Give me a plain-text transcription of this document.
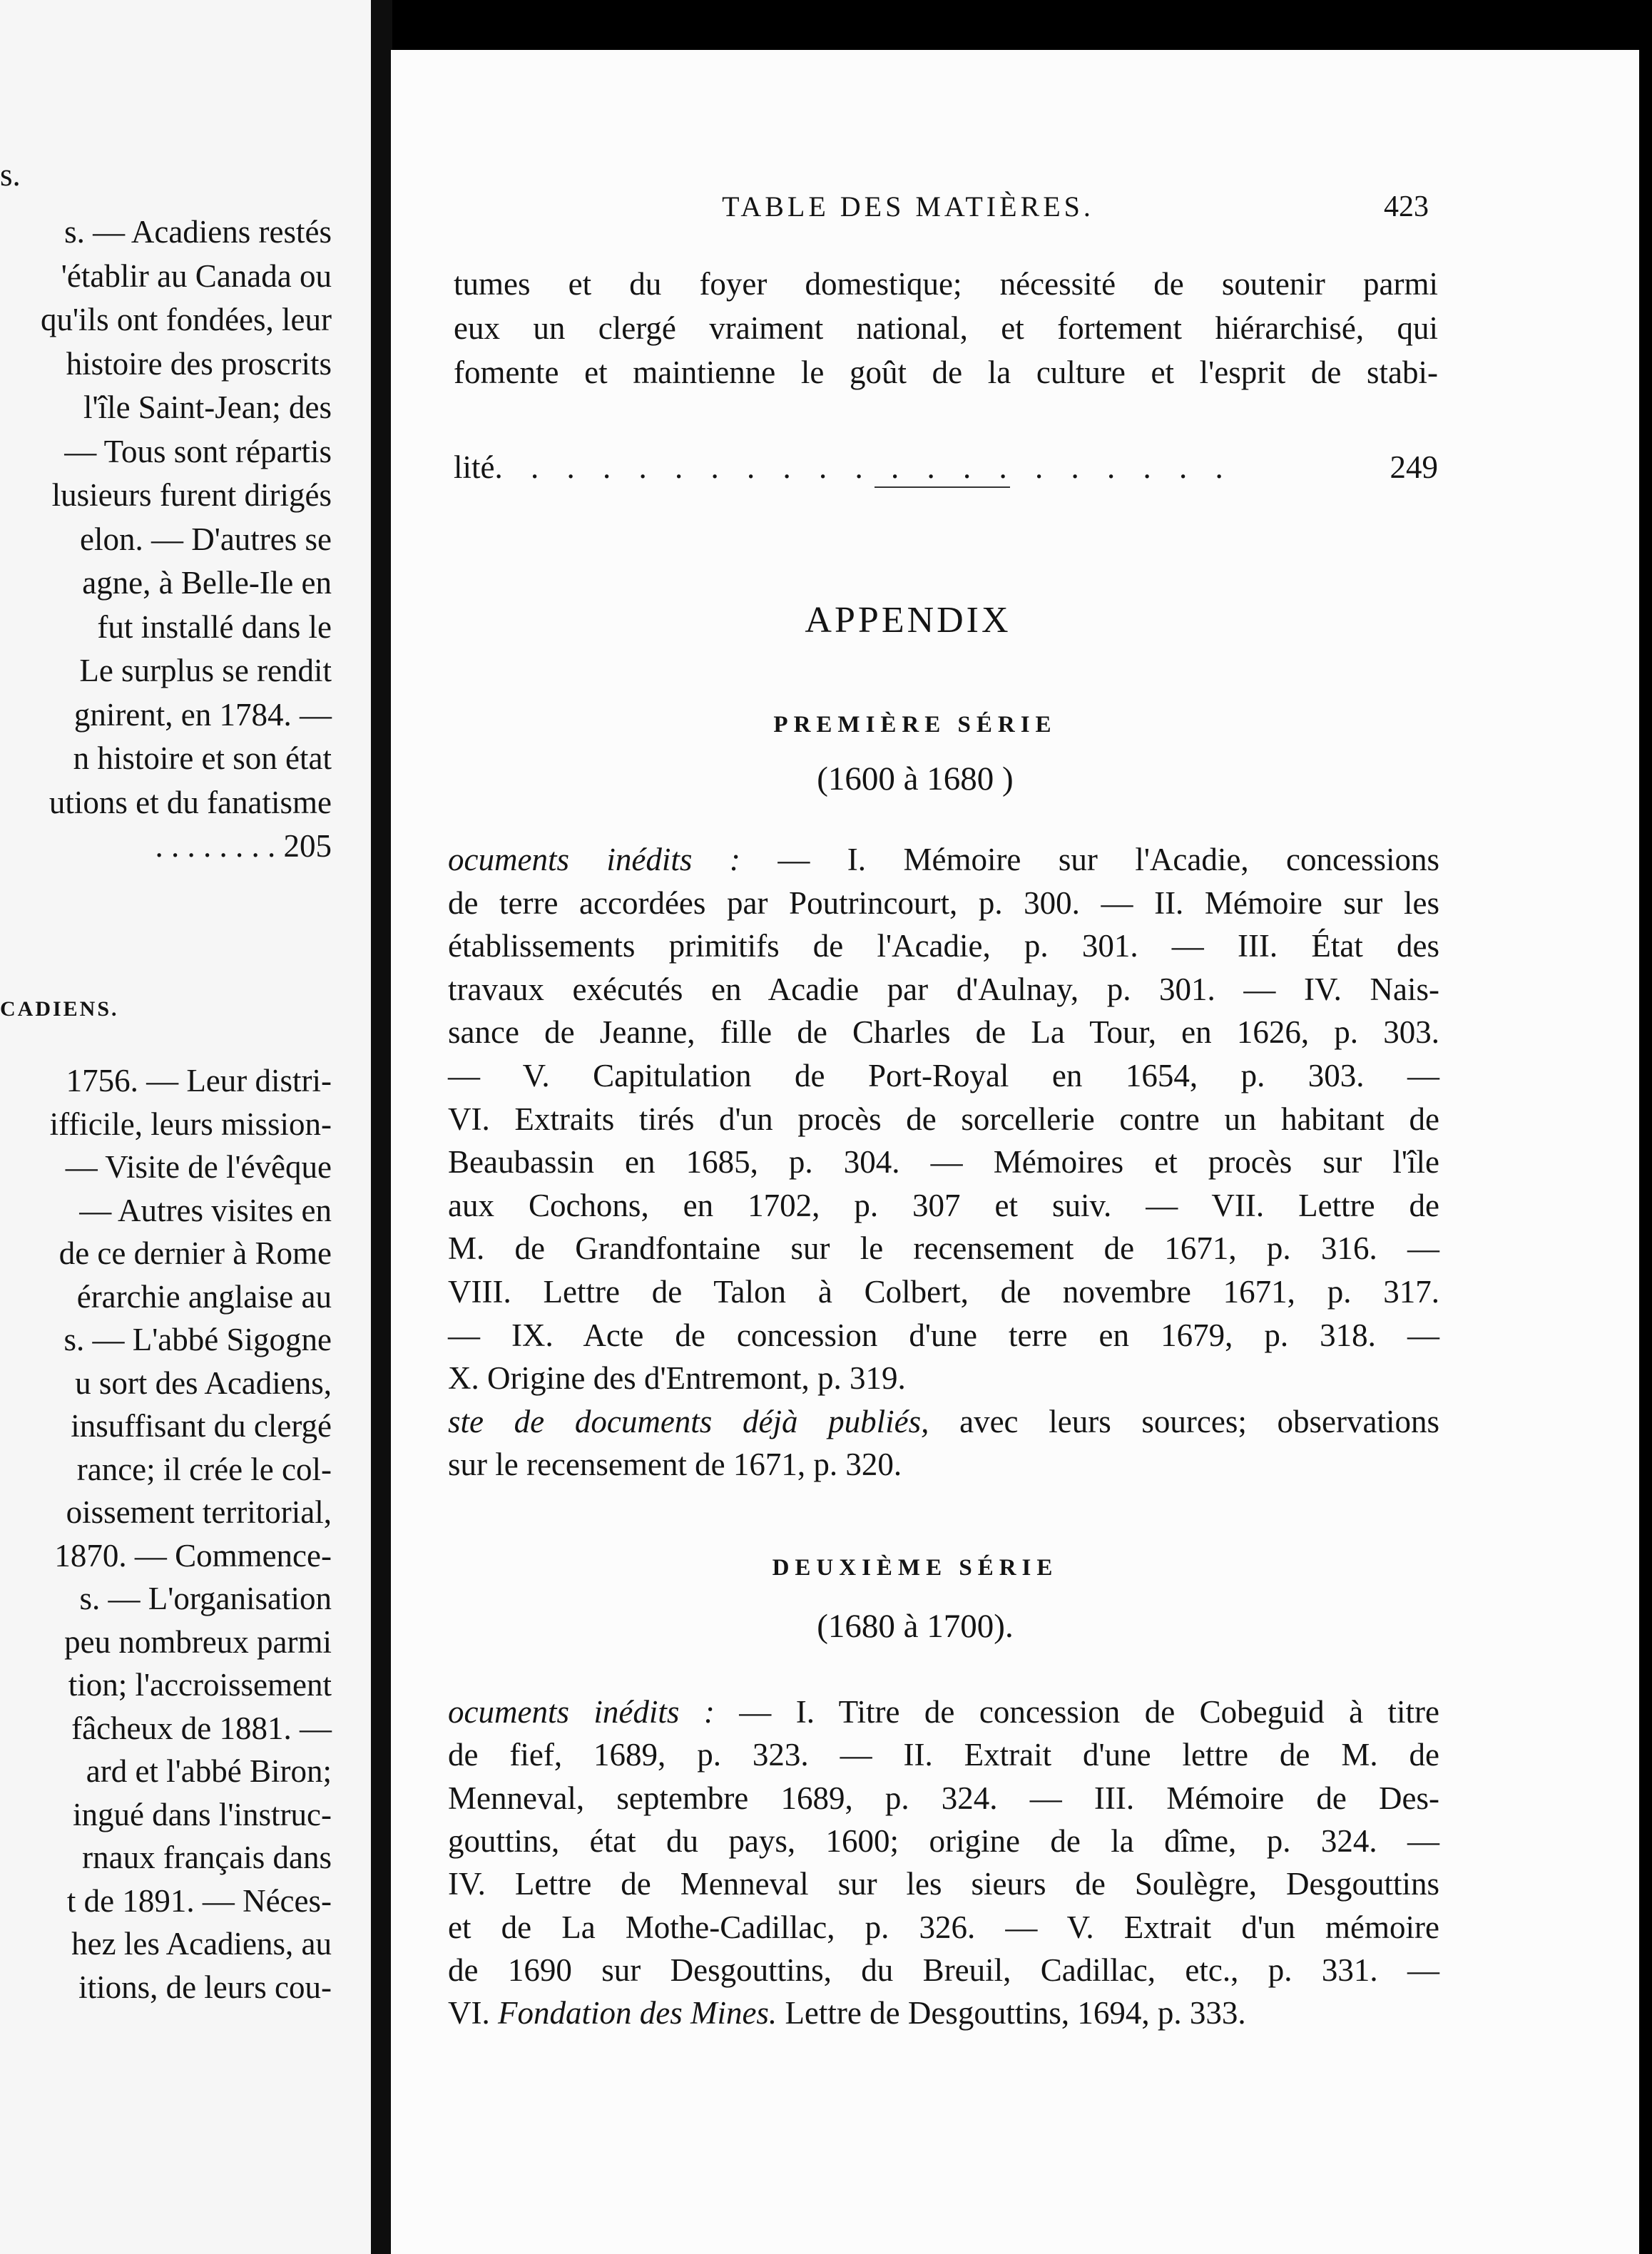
s.
s. — Acadiens restés
'établir au Canada ou
qu'ils ont fondées, leur
histoire des proscrits
l'île Saint-Jean; des
— Tous sont répartis
lusieurs furent dirigés
elon. — D'autres se
agne, à Belle-Ile en
fut installé dans le
Le surplus se rendit
gnirent, en 1784. —
n histoire et son état
utions et du fanatisme
. . . . . . . . 205
CADIENS.
1756. — Leur distri-
ifficile, leurs mission-
— Visite de l'évêque
— Autres visites en
de ce dernier à Rome
érarchie anglaise au
s. — L'abbé Sigogne
u sort des Acadiens,
insuffisant du clergé
rance; il crée le col-
oissement territorial,
1870. — Commence-
s. — L'organisation
peu nombreux parmi
tion; l'accroissement
fâcheux de 1881. —
ard et l'abbé Biron;
ingué dans l'instruc-
rnaux français dans
t de 1891. — Néces-
hez les Acadiens, au
itions, de leurs cou-
TABLE DES MATIÈRES.	423
tumes et du foyer domestique; nécessité de soutenir parmi
eux un clergé vraiment national, et fortement hiérarchisé, qui
fomente et maintienne le goût de la culture et l'esprit de stabi-
lité. . . . . . . . . . . . . . . . . . . . .	249
APPENDIX
PREMIÈRE SÉRIE
(1600 à 1680 )
ocuments inédits : — I. Mémoire sur l'Acadie, concessions
de terre accordées par Poutrincourt, p. 300. — II. Mémoire sur les
établissements primitifs de l'Acadie, p. 301. — III. État des
travaux exécutés en Acadie par d'Aulnay, p. 301. — IV. Nais-
sance de Jeanne, fille de Charles de La Tour, en 1626, p. 303.
— V. Capitulation de Port-Royal en 1654, p. 303. —
VI. Extraits tirés d'un procès de sorcellerie contre un habitant de
Beaubassin en 1685, p. 304. — Mémoires et procès sur l'île
aux Cochons, en 1702, p. 307 et suiv. — VII. Lettre de
M. de Grandfontaine sur le recensement de 1671, p. 316. —
VIII. Lettre de Talon à Colbert, de novembre 1671, p. 317.
— IX. Acte de concession d'une terre en 1679, p. 318. —
X. Origine des d'Entremont, p. 319.
ste de documents déjà publiés, avec leurs sources; observations
sur le recensement de 1671, p. 320.
DEUXIÈME SÉRIE
(1680 à 1700).
ocuments inédits : — I. Titre de concession de Cobeguid à titre
de fief, 1689, p. 323. — II. Extrait d'une lettre de M. de
Menneval, septembre 1689, p. 324. — III. Mémoire de Des-
gouttins, état du pays, 1600; origine de la dîme, p. 324. —
IV. Lettre de Menneval sur les sieurs de Soulègre, Desgouttins
et de La Mothe-Cadillac, p. 326. — V. Extrait d'un mémoire
de 1690 sur Desgouttins, du Breuil, Cadillac, etc., p. 331. —
VI. Fondation des Mines. Lettre de Desgouttins, 1694, p. 333.
